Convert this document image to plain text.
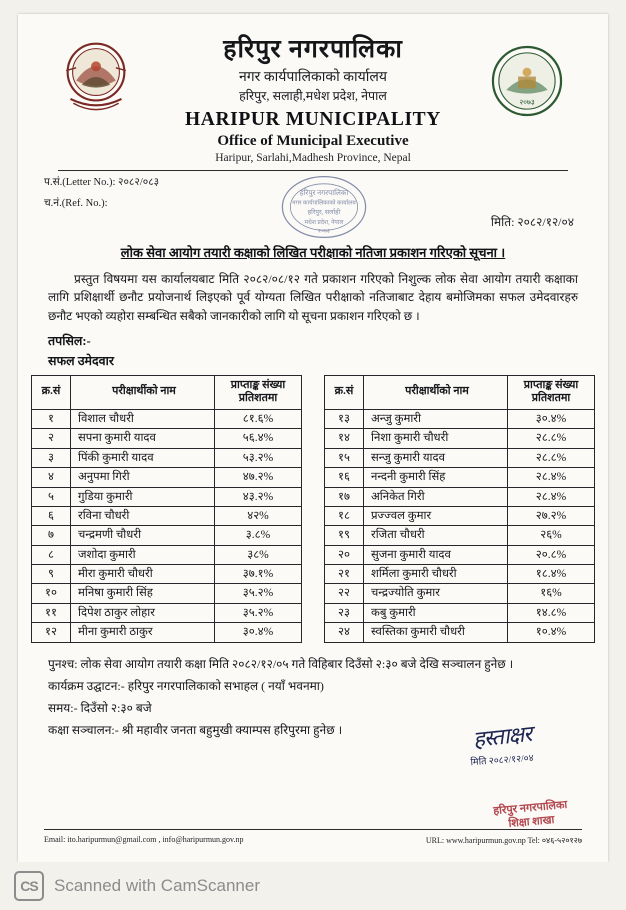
२०७३
हरिपुर नगरपालिका
नगर कार्यपालिकाको कार्यालय
हरिपुर, सलाही,मधेश प्रदेश, नेपाल
HARIPUR MUNICIPALITY
Office of Municipal Executive
Haripur, Sarlahi,Madhesh Province, Nepal
प.सं.(Letter No.): २०८२/०८३
च.नं.(Ref. No.):
मिति: २०८२/१२/०४
हरिपुर नगरपालिका
नगर कार्यपालिकाको कार्यालय
हरिपुर, सर्लाही
मधेश प्रदेश, नेपाल
२०७३
लोक सेवा आयोग तयारी कक्षाको लिखित परीक्षाको नतिजा प्रकाशन गरिएको सूचना ।
प्रस्तुत विषयमा यस कार्यालयबाट मिति २०८२/०८/१२ गते प्रकाशन गरिएको निशुल्क लोक सेवा आयोग तयारी कक्षाका लागि प्रशिक्षार्थी छनौट प्रयोजनार्थ लिइएको पूर्व योग्यता लिखित परीक्षाको नतिजाबाट देहाय बमोजिमका सफल उमेदवारहरु छनौट भएको व्यहोरा सम्बन्धित सबैको जानकारीको लागि यो सूचना प्रकाशन गरिएको छ ।
तपसिल:-
सफल उमेदवार
क्र.सं	परीक्षार्थीको नाम	प्राप्ताङ्क संख्या प्रतिशतमा
१	विशाल चौधरी	८१.६%
२	सपना कुमारी यादव	५६.४%
३	पिंकी कुमारी यादव	५३.२%
४	अनुपमा गिरी	४७.२%
५	गुडिया कुमारी	४३.२%
६	रविना चौधरी	४२%
७	चन्द्रमणी चौधरी	३.८%
८	जशोदा कुमारी	३८%
९	मीरा कुमारी चौधरी	३७.१%
१०	मनिषा कुमारी सिंह	३५.२%
११	दिपेश ठाकुर लोहार	३५.२%
१२	मीना कुमारी ठाकुर	३०.४%
क्र.सं	परीक्षार्थीको नाम	प्राप्ताङ्क संख्या प्रतिशतमा
१३	अन्जु कुमारी	३०.४%
१४	निशा कुमारी चौधरी	२८.८%
१५	सन्जु कुमारी यादव	२८.८%
१६	नन्दनी कुमारी सिंह	२८.४%
१७	अनिकेत गिरी	२८.४%
१८	प्रज्ज्वल कुमार	२७.२%
१९	रजिता चौधरी	२६%
२०	सुजना कुमारी यादव	२०.८%
२१	शर्मिला कुमारी चौधरी	१८.४%
२२	चन्द्रज्योति कुमार	१६%
२३	कबु कुमारी	१४.८%
२४	स्वस्तिका कुमारी चौधरी	१०.४%
पुनश्च: लोक सेवा आयोग तयारी कक्षा मिति २०८२/१२/०५ गते विहिबार दिउँसो २:३० बजे देखि सञ्चालन हुनेछ ।
कार्यक्रम उद्घाटन:- हरिपुर नगरपालिकाको सभाहल ( नयाँ भवनमा)
समय:- दिउँसो २:३० बजे
कक्षा सञ्चालन:- श्री महावीर जनता बहुमुखी क्याम्पस हरिपुरमा हुनेछ ।	हस्ताक्षर
मिति २०८२/१२/०४
Email: ito.haripurmun@gmail.com , info@haripurmun.gov.np	URL: www.haripurmun.gov.np Tel: ०४६-५२०१२७
हरिपुर नगरपालिका
शिक्षा शाखा
CS Scanned with CamScanner
